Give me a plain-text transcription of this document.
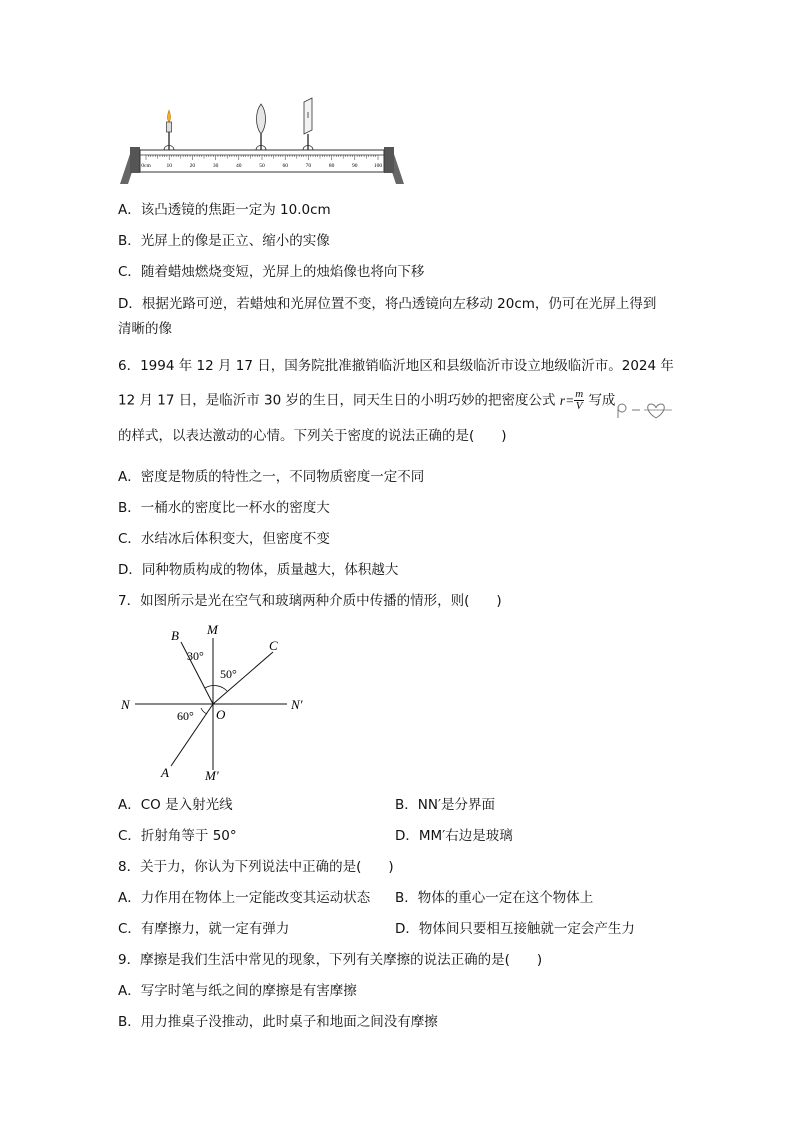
0cm	10	20	30	40	50	60	70	80	90	100
A．该凸透镜的焦距一定为 10.0cm
B．光屏上的像是正立、缩小的实像
C．随着蜡烛燃烧变短，光屏上的烛焰像也将向下移
D．根据光路可逆，若蜡烛和光屏位置不变，将凸透镜向左移动 20cm，仍可在光屏上得到
清晰的像
6．1994 年 12 月 17 日，国务院批准撤销临沂地区和县级临沂市设立地级临沂市。2024 年
12 月 17 日，是临沂市 30 岁的生日，同天生日的小明巧妙的把密度公式 $r= \frac{m}{V}$ 写成
的样式，以表达激动的心情。下列关于密度的说法正确的是(　　)
A．密度是物质的特性之一，不同物质密度一定不同
B．一桶水的密度比一杯水的密度大
C．水结冰后体积变大，但密度不变
D．同种物质构成的物体，质量越大，体积越大
7．如图所示是光在空气和玻璃两种介质中传播的情形，则(　　)
B M
C
N
O
N′
A	M′
30°
50°
60°
A．CO 是入射光线	B．NN′是分界面
C．折射角等于 50°	D．MM′右边是玻璃
8．关于力，你认为下列说法中正确的是(　　)
A．力作用在物体上一定能改变其运动状态 B．物体的重心一定在这个物体上
C．有摩擦力，就一定有弹力	D．物体间只要相互接触就一定会产生力
9．摩擦是我们生活中常见的现象，下列有关摩擦的说法正确的是(　　)
A．写字时笔与纸之间的摩擦是有害摩擦
B．用力推桌子没推动，此时桌子和地面之间没有摩擦
